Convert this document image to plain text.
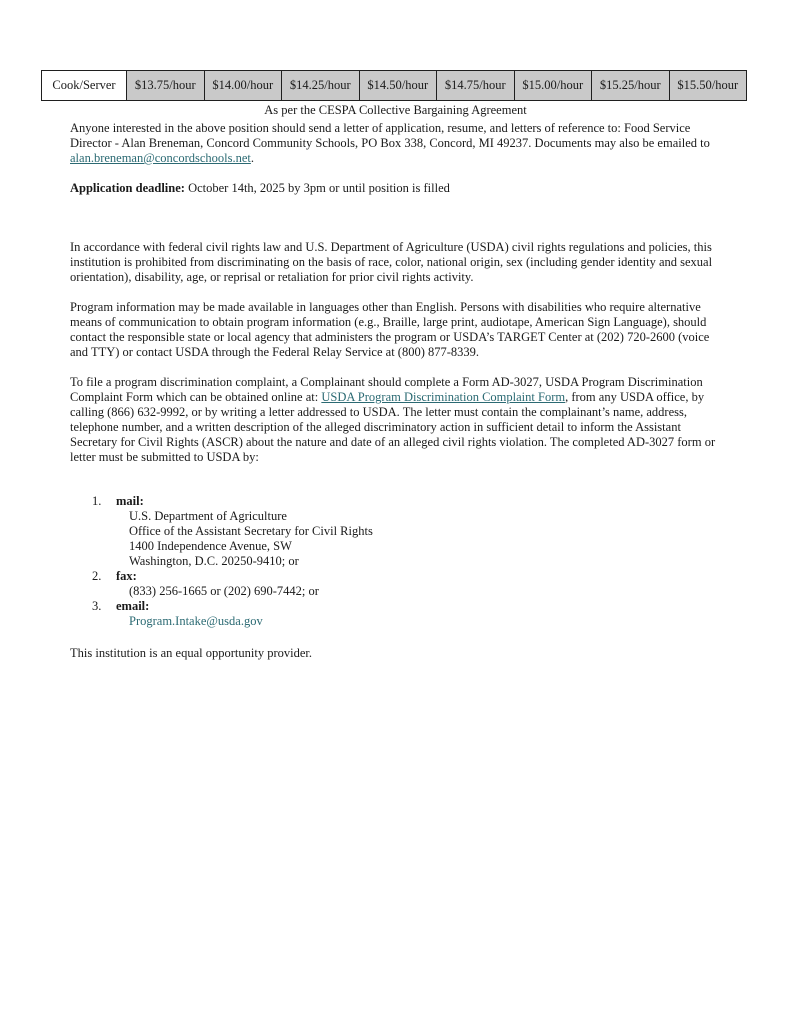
Cook/Server	$13.75/hour	$14.00/hour	$14.25/hour	$14.50/hour	$14.75/hour	$15.00/hour	$15.25/hour	$15.50/hour
As per the CESPA Collective Bargaining Agreement

Anyone interested in the above position should send a letter of application, resume, and letters of reference to: Food Service Director - Alan Breneman, Concord Community Schools, PO Box 338, Concord, MI 49237. Documents may also be emailed to alan.breneman@concordschools.net.

Application deadline: October 14th, 2025 by 3pm or until position is filled

In accordance with federal civil rights law and U.S. Department of Agriculture (USDA) civil rights regulations and policies, this institution is prohibited from discriminating on the basis of race, color, national origin, sex (including gender identity and sexual orientation), disability, age, or reprisal or retaliation for prior civil rights activity.

Program information may be made available in languages other than English. Persons with disabilities who require alternative means of communication to obtain program information (e.g., Braille, large print, audiotape, American Sign Language), should contact the responsible state or local agency that administers the program or USDA’s TARGET Center at (202) 720-2600 (voice and TTY) or contact USDA through the Federal Relay Service at (800) 877-8339.

To file a program discrimination complaint, a Complainant should complete a Form AD-3027, USDA Program Discrimination Complaint Form which can be obtained online at: USDA Program Discrimination Complaint Form, from any USDA office, by calling (866) 632-9992, or by writing a letter addressed to USDA. The letter must contain the complainant’s name, address, telephone number, and a written description of the alleged discriminatory action in sufficient detail to inform the Assistant Secretary for Civil Rights (ASCR) about the nature and date of an alleged civil rights violation. The completed AD-3027 form or letter must be submitted to USDA by:

1. mail:
U.S. Department of Agriculture
Office of the Assistant Secretary for Civil Rights
1400 Independence Avenue, SW
Washington, D.C. 20250-9410; or
2. fax:
(833) 256-1665 or (202) 690-7442; or
3. email:
Program.Intake@usda.gov

This institution is an equal opportunity provider.
